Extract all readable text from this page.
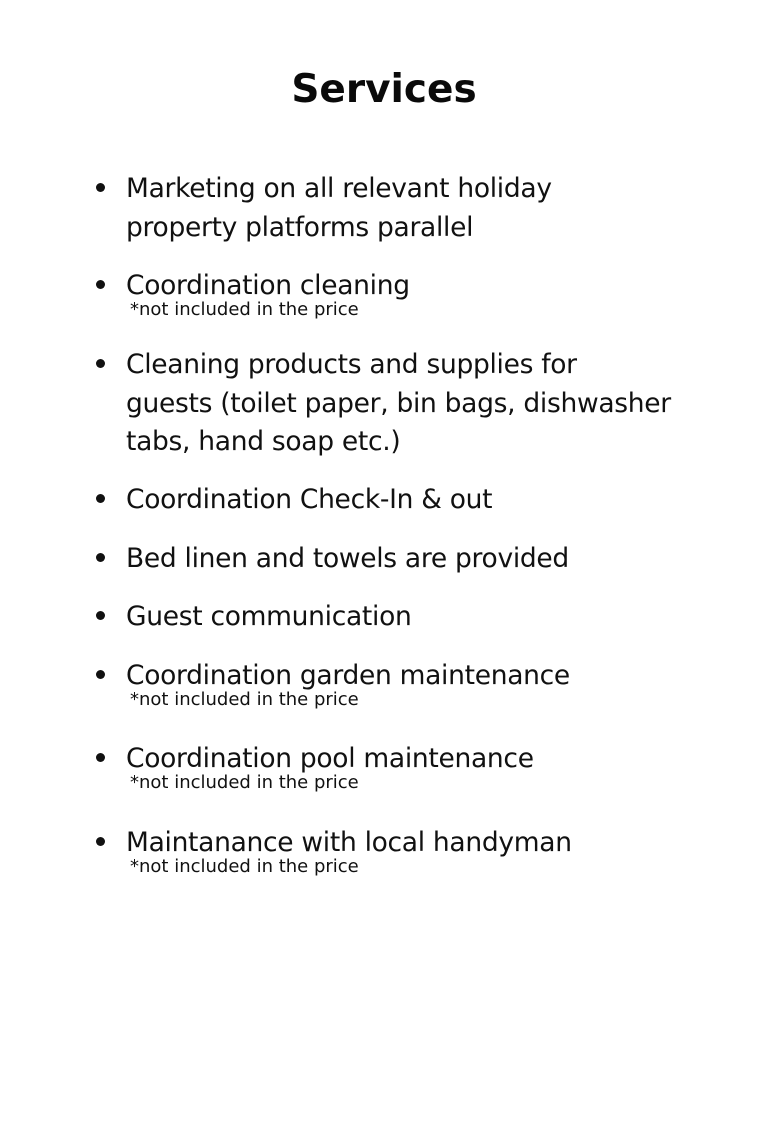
Services
Marketing on all relevant holiday
property platforms parallel
Coordination cleaning
*not included in the price
Cleaning products and supplies for
guests (toilet paper, bin bags, dishwasher
tabs, hand soap etc.)
Coordination Check-In & out
Bed linen and towels are provided
Guest communication
Coordination garden maintenance
*not included in the price
Coordination pool maintenance
*not included in the price
Maintanance with local handyman
*not included in the price
